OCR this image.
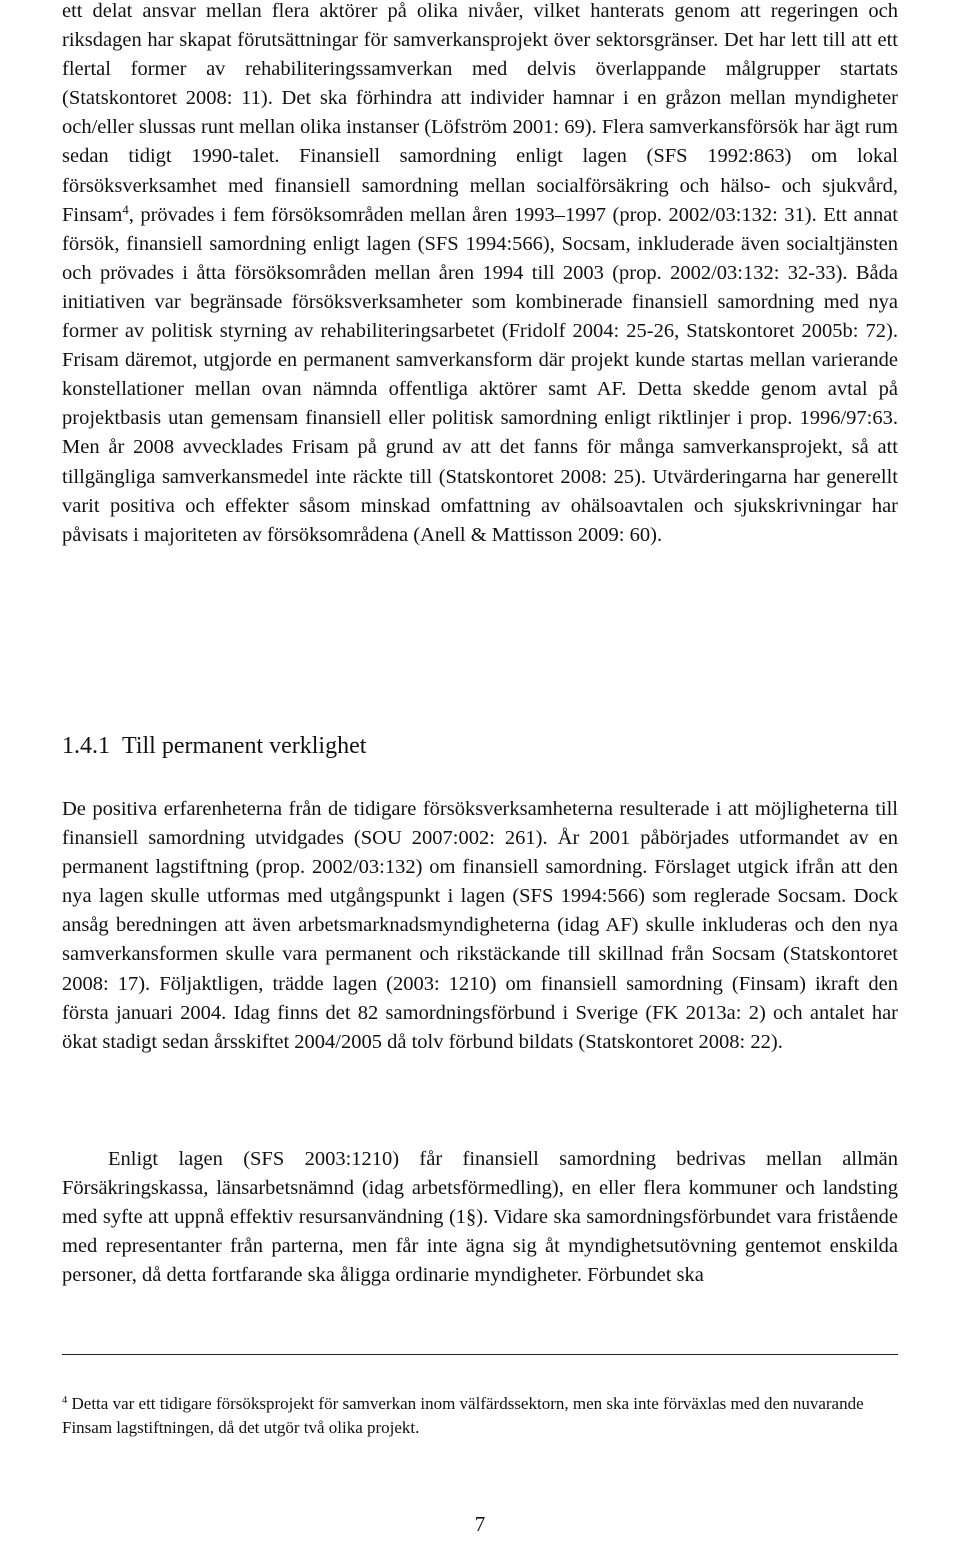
ett delat ansvar mellan flera aktörer på olika nivåer, vilket hanterats genom att regeringen och riksdagen har skapat förutsättningar för samverkansprojekt över sektorsgränser. Det har lett till att ett flertal former av rehabiliteringssamverkan med delvis överlappande målgrupper startats (Statskontoret 2008: 11). Det ska förhindra att individer hamnar i en gråzon mellan myndigheter och/eller slussas runt mellan olika instanser (Löfström 2001: 69). Flera samverkansförsök har ägt rum sedan tidigt 1990-talet. Finansiell samordning enligt lagen (SFS 1992:863) om lokal försöksverksamhet med finansiell samordning mellan socialförsäkring och hälso- och sjukvård, Finsam$^4$, prövades i fem försöksområden mellan åren 1993–1997 (prop. 2002/03:132: 31). Ett annat försök, finansiell samordning enligt lagen (SFS 1994:566), Socsam, inkluderade även socialtjänsten och prövades i åtta försöksområden mellan åren 1994 till 2003 (prop. 2002/03:132: 32-33). Båda initiativen var begränsade försöksverksamheter som kombinerade finansiell samordning med nya former av politisk styrning av rehabiliteringsarbetet (Fridolf 2004: 25-26, Statskontoret 2005b: 72). Frisam däremot, utgjorde en permanent samverkansform där projekt kunde startas mellan varierande konstellationer mellan ovan nämnda offentliga aktörer samt AF. Detta skedde genom avtal på projektbasis utan gemensam finansiell eller politisk samordning enligt riktlinjer i prop. 1996/97:63. Men år 2008 avvecklades Frisam på grund av att det fanns för många samverkansprojekt, så att tillgängliga samverkansmedel inte räckte till (Statskontoret 2008: 25). Utvärderingarna har generellt varit positiva och effekter såsom minskad omfattning av ohälsoavtalen och sjukskrivningar har påvisats i majoriteten av försöksområdena (Anell & Mattisson 2009: 60).

1.4.1 Till permanent verklighet

De positiva erfarenheterna från de tidigare försöksverksamheterna resulterade i att möjligheterna till finansiell samordning utvidgades (SOU 2007:002: 261). År 2001 påbörjades utformandet av en permanent lagstiftning (prop. 2002/03:132) om finansiell samordning. Förslaget utgick ifrån att den nya lagen skulle utformas med utgångspunkt i lagen (SFS 1994:566) som reglerade Socsam. Dock ansåg beredningen att även arbetsmarknadsmyndigheterna (idag AF) skulle inkluderas och den nya samverkansformen skulle vara permanent och rikstäckande till skillnad från Socsam (Statskontoret 2008: 17). Följaktligen, trädde lagen (2003: 1210) om finansiell samordning (Finsam) ikraft den första januari 2004. Idag finns det 82 samordningsförbund i Sverige (FK 2013a: 2) och antalet har ökat stadigt sedan årsskiftet 2004/2005 då tolv förbund bildats (Statskontoret 2008: 22).

Enligt lagen (SFS 2003:1210) får finansiell samordning bedrivas mellan allmän Försäkringskassa, länsarbetsnämnd (idag arbetsförmedling), en eller flera kommuner och landsting med syfte att uppnå effektiv resursanvändning (1§). Vidare ska samordningsförbundet vara fristående med representanter från parterna, men får inte ägna sig åt myndighetsutövning gentemot enskilda personer, då detta fortfarande ska åligga ordinarie myndigheter. Förbundet ska

$^4$ Detta var ett tidigare försöksprojekt för samverkan inom välfärdssektorn, men ska inte förväxlas med den nuvarande Finsam lagstiftningen, då det utgör två olika projekt.

7
